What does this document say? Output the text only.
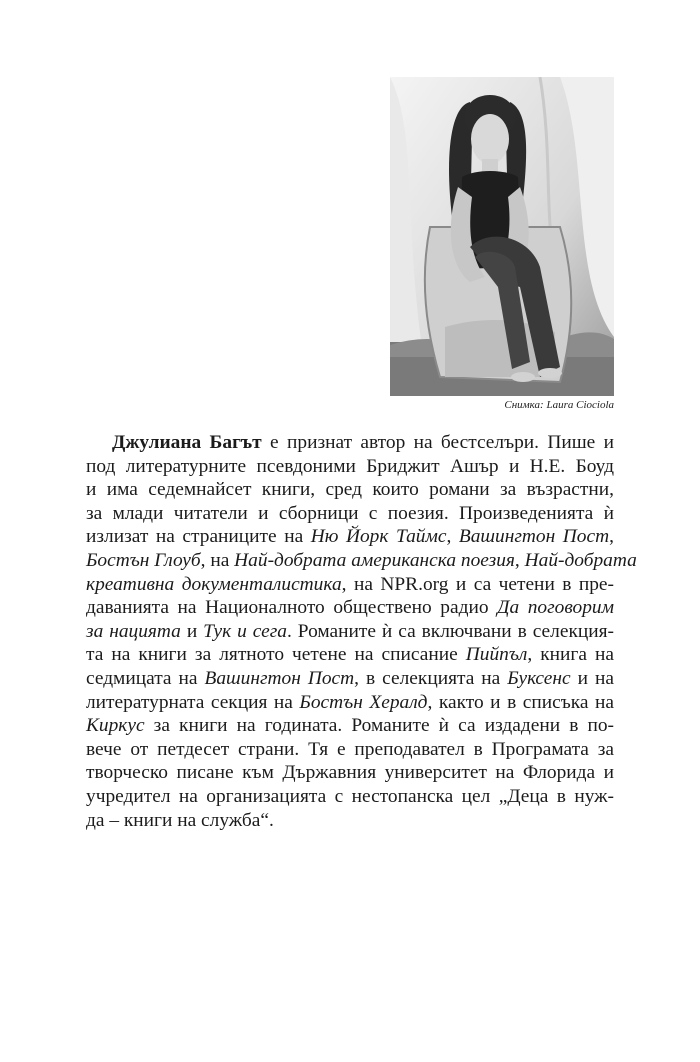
Снимка: Laura Ciociola
Джулиана Багът е признат автор на бестселъри. Пише и
под литературните псевдоними Бриджит Ашър и Н.Е. Боуд
и има седемнайсет книги, сред които романи за възрастни,
за млади читатели и сборници с поезия. Произведенията ѝ
излизат на страниците на Ню Йорк Таймс, Вашингтон Пост,
Бостън Глоуб, на Най-добрата американска поезия, Най-добрата
креативна документалистика, на NPR.org и са четени в пре-
даванията на Националното обществено радио Да поговорим
за нацията и Тук и сега. Романите ѝ са включвани в селекция-
та на книги за лятното четене на списание Пийпъл, книга на
седмицата на Вашингтон Пост, в селекцията на Буксенс и на
литературната секция на Бостън Хералд, както и в списъка на
Киркус за книги на годината. Романите ѝ са издадени в по-
вече от петдесет страни. Тя е преподавател в Програмата за
творческо писане към Държавния университет на Флорида и
учредител на организацията с нестопанска цел „Деца в нуж-
да – книги на служба“.
